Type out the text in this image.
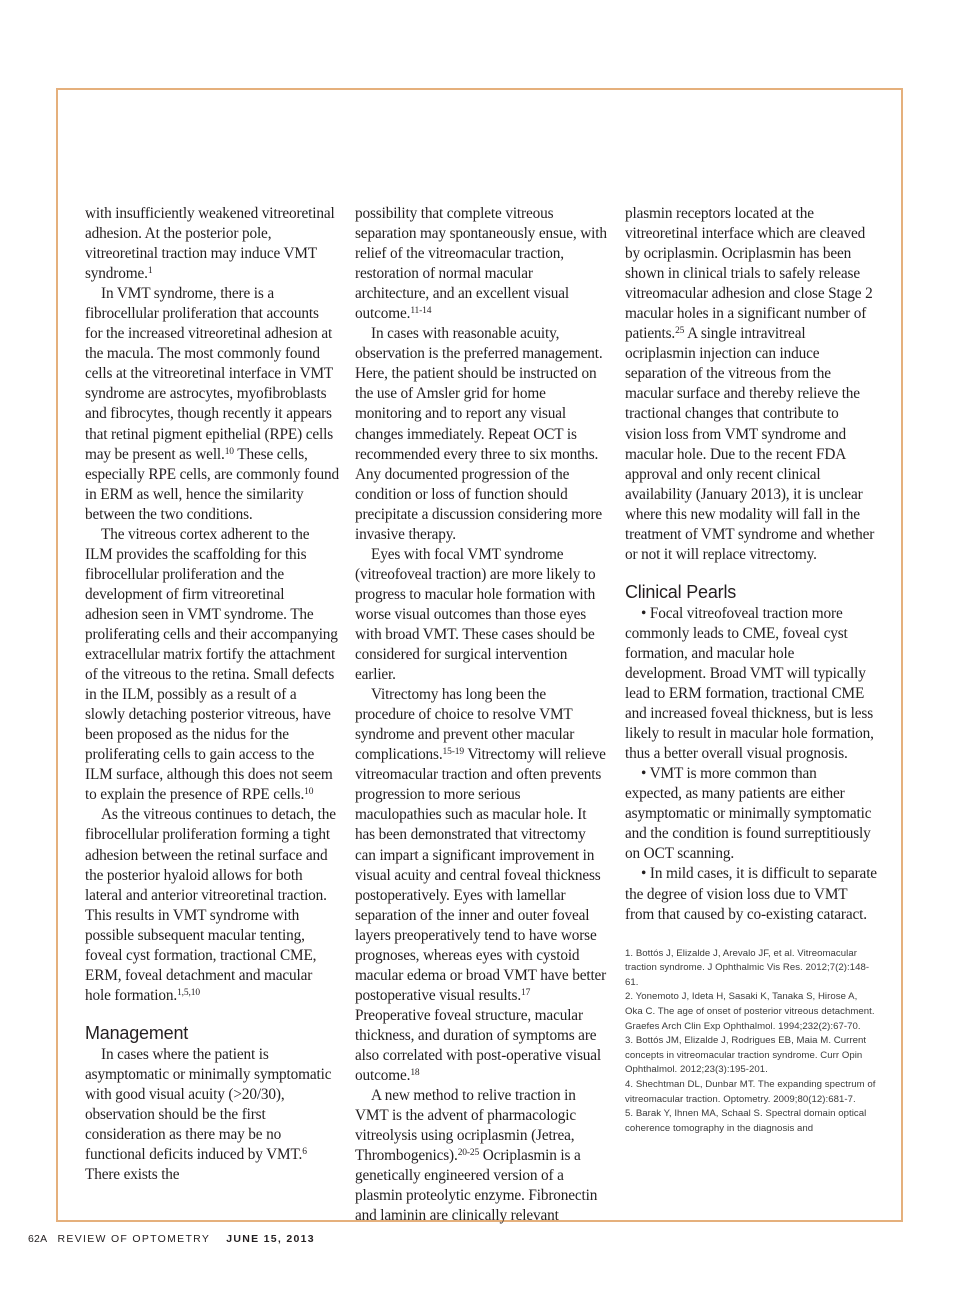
with insufficiently weakened vitreoretinal adhesion. At the posterior pole, vitreoretinal traction may induce VMT syndrome.$^1$

In VMT syndrome, there is a fibrocellular proliferation that accounts for the increased vitreoretinal adhesion at the macula. The most commonly found cells at the vitreoretinal interface in VMT syndrome are astrocytes, myofibroblasts and fibrocytes, though recently it appears that retinal pigment epithelial (RPE) cells may be present as well.$^{10}$ These cells, especially RPE cells, are commonly found in ERM as well, hence the similarity between the two conditions.

The vitreous cortex adherent to the ILM provides the scaffolding for this fibrocellular proliferation and the development of firm vitreoretinal adhesion seen in VMT syndrome. The proliferating cells and their accompanying extracellular matrix fortify the attachment of the vitreous to the retina. Small defects in the ILM, possibly as a result of a slowly detaching posterior vitreous, have been proposed as the nidus for the proliferating cells to gain access to the ILM surface, although this does not seem to explain the presence of RPE cells.$^{10}$

As the vitreous continues to detach, the fibrocellular proliferation forming a tight adhesion between the retinal surface and the posterior hyaloid allows for both lateral and anterior vitreoretinal traction. This results in VMT syndrome with possible subsequent macular tenting, foveal cyst formation, tractional CME, ERM, foveal detachment and macular hole formation.$^{1,5,10}$

Management

In cases where the patient is asymptomatic or minimally symptomatic with good visual acuity (>20/30), observation should be the first consideration as there may be no functional deficits induced by VMT.$^6$ There exists the

possibility that complete vitreous separation may spontaneously ensue, with relief of the vitreomacular traction, restoration of normal macular architecture, and an excellent visual outcome.$^{11-14}$

In cases with reasonable acuity, observation is the preferred management. Here, the patient should be instructed on the use of Amsler grid for home monitoring and to report any visual changes immediately. Repeat OCT is recommended every three to six months. Any documented progression of the condition or loss of function should precipitate a discussion considering more invasive therapy.

Eyes with focal VMT syndrome (vitreofoveal traction) are more likely to progress to macular hole formation with worse visual outcomes than those eyes with broad VMT. These cases should be considered for surgical intervention earlier.

Vitrectomy has long been the procedure of choice to resolve VMT syndrome and prevent other macular complications.$^{15-19}$ Vitrectomy will relieve vitreomacular traction and often prevents progression to more serious maculopathies such as macular hole. It has been demonstrated that vitrectomy can impart a significant improvement in visual acuity and central foveal thickness postoperatively. Eyes with lamellar separation of the inner and outer foveal layers preoperatively tend to have worse prognoses, whereas eyes with cystoid macular edema or broad VMT have better postoperative visual results.$^{17}$ Preoperative foveal structure, macular thickness, and duration of symptoms are also correlated with post-operative visual outcome.$^{18}$

A new method to relive traction in VMT is the advent of pharmacologic vitreolysis using ocriplasmin (Jetrea, Thrombogenics).$^{20-25}$ Ocriplasmin is a genetically engineered version of a plasmin proteolytic enzyme. Fibronectin and laminin are clinically relevant

plasmin receptors located at the vitreoretinal interface which are cleaved by ocriplasmin. Ocriplasmin has been shown in clinical trials to safely release vitreomacular adhesion and close Stage 2 macular holes in a significant number of patients.$^{25}$ A single intravitreal ocriplasmin injection can induce separation of the vitreous from the macular surface and thereby relieve the tractional changes that contribute to vision loss from VMT syndrome and macular hole. Due to the recent FDA approval and only recent clinical availability (January 2013), it is unclear where this new modality will fall in the treatment of VMT syndrome and whether or not it will replace vitrectomy.

Clinical Pearls

• Focal vitreofoveal traction more commonly leads to CME, foveal cyst formation, and macular hole development. Broad VMT will typically lead to ERM formation, tractional CME and increased foveal thickness, but is less likely to result in macular hole formation, thus a better overall visual prognosis.

• VMT is more common than expected, as many patients are either asymptomatic or minimally symptomatic and the condition is found surreptitiously on OCT scanning.

• In mild cases, it is difficult to separate the degree of vision loss due to VMT from that caused by co-existing cataract.

1. Bottós J, Elizalde J, Arevalo JF, et al. Vitreomacular traction syndrome. J Ophthalmic Vis Res. 2012;7(2):148-61.
2. Yonemoto J, Ideta H, Sasaki K, Tanaka S, Hirose A, Oka C. The age of onset of posterior vitreous detachment. Graefes Arch Clin Exp Ophthalmol. 1994;232(2):67-70.
3. Bottós JM, Elizalde J, Rodrigues EB, Maia M. Current concepts in vitreomacular traction syndrome. Curr Opin Ophthalmol. 2012;23(3):195-201.
4. Shechtman DL, Dunbar MT. The expanding spectrum of vitreomacular traction. Optometry. 2009;80(12):681-7.
5. Barak Y, Ihnen MA, Schaal S. Spectral domain optical coherence tomography in the diagnosis and
62A REVIEW OF OPTOMETRY JUNE 15, 2013
